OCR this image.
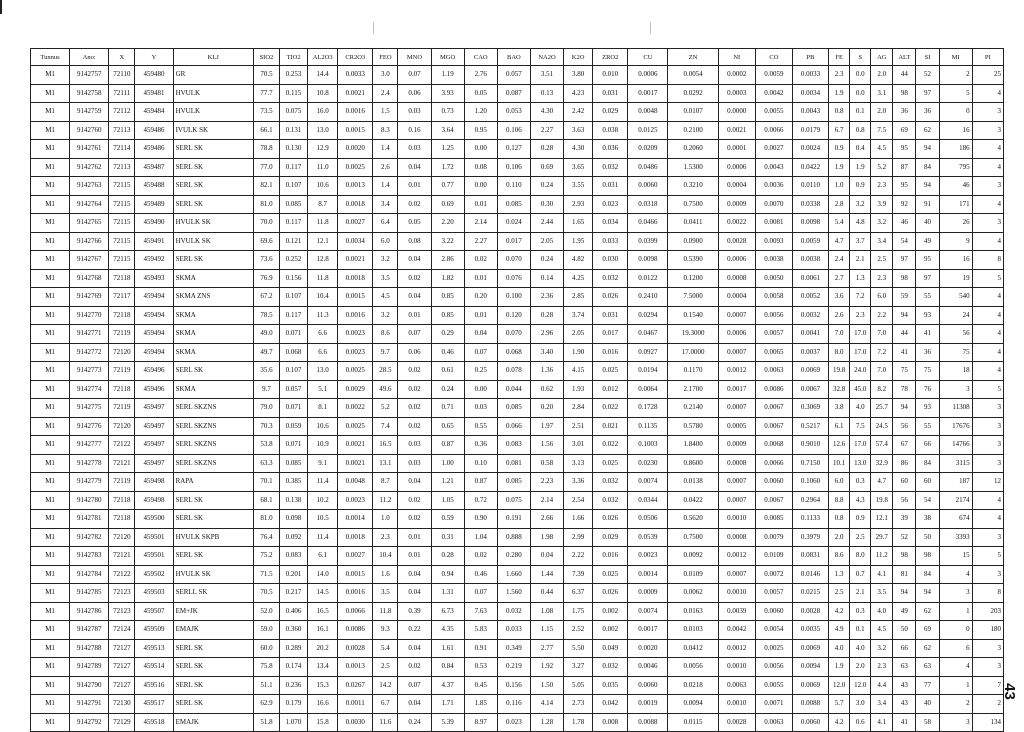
Tunnus	Ano:	X	Y	KLJ	SIO2	TIO2	AL2O3	CR2O3	FEO	MNO	MGO	CAO	BAO	NA2O	K2O	ZRO2	CU	ZN	NI	CO	PB	FE	S	AG	ALT	SI	MI	PI
M1	9142757	72110	459480	GR	70.5	0.253	14.4	0.0033	3.0	0.07	1.19	2.76	0.057	3.51	3.80	0.010	0.0006	0.0054	0.0002	0.0059	0.0033	2.3	0.0	2.0	44	52	2	25
M1	9142758	72111	459481	HVULK	77.7	0.115	10.8	0.0021	2.4	0.06	3.93	0.05	0.087	0.13	4.23	0.031	0.0017	0.0292	0.0003	0.0042	0.0034	1.9	0.0	3.1	98	97	5	4
M1	9142759	72112	459484	HVULK	73.5	0.075	16.0	0.0016	1.5	0.03	0.73	1.20	0.053	4.30	2.42	0.029	0.0048	0.0107	0.0000	0.0055	0.0043	0.8	0.1	2.0	36	36	0	3
M1	9142760	72113	459486	IVULK SK	66.1	0.131	13.0	0.0015	8.3	0.16	3.64	0.95	0.106	2.27	3.63	0.038	0.0125	0.2100	0.0021	0.0066	0.0179	6.7	0.8	7.5	69	62	16	3
M1	9142761	72114	459486	SERL SK	78.8	0.130	12.9	0.0020	1.4	0.03	1.25	0.00	0.127	0.28	4.30	0.036	0.0209	0.2060	0.0001	0.0027	0.0024	0.9	0.4	4.5	95	94	186	4
M1	9142762	72113	459487	SERL SK	77.0	0.117	11.0	0.0025	2.6	0.04	1.72	0.08	0.106	0.69	3.65	0.032	0.0486	1.5300	0.0006	0.0043	0.0422	1.9	1.9	5.2	87	84	795	4
M1	9142763	72115	459488	SERL SK	82.1	0.107	10.6	0.0013	1.4	0.01	0.77	0.00	0.110	0.24	3.55	0.031	0.0060	0.3210	0.0004	0.0036	0.0110	1.0	0.9	2.3	95	94	46	3
M1	9142764	72115	459489	SERL SK	81.0	0.085	8.7	0.0018	3.4	0.02	0.69	0.01	0.085	0.30	2.93	0.023	0.0318	0.7500	0.0009	0.0070	0.0338	2.8	3.2	3.9	92	91	171	4
M1	9142765	72115	459490	HVULK SK	70.0	0.117	11.8	0.0027	6.4	0.05	2.20	2.14	0.024	2.44	1.65	0.034	0.0466	0.0411	0.0022	0.0081	0.0098	5.4	4.8	3.2	46	40	26	3
M1	9142766	72115	459491	HVULK SK	69.6	0.121	12.1	0.0034	6.0	0.08	3.22	2.27	0.017	2.05	1.95	0.033	0.0399	0.0900	0.0028	0.0093	0.0059	4.7	3.7	3.4	54	49	9	4
M1	9142767	72115	459492	SERL SK	73.6	0.252	12.8	0.0021	3.2	0.04	2.86	0.02	0.070	0.24	4.82	0.030	0.0098	0.5390	0.0006	0.0038	0.0038	2.4	2.1	2.5	97	95	16	8
M1	9142768	72118	459493	SKMA	76.9	0.156	11.8	0.0018	3.5	0.02	1.82	0.01	0.076	0.14	4.25	0.032	0.0122	0.1200	0.0008	0.0050	0.0061	2.7	1.3	2.3	98	97	19	5
M1	9142769	72117	459494	SKMA ZNS	67.2	0.107	10.4	0.0015	4.5	0.04	0.85	0.20	0.100	2.36	2.85	0.026	0.2410	7.5000	0.0004	0.0058	0.0052	3.6	7.2	6.0	59	55	540	4
M1	9142770	72118	459494	SKMA	78.5	0.117	11.3	0.0016	3.2	0.01	0.85	0.01	0.120	0.28	3.74	0.031	0.0294	0.1540	0.0007	0.0056	0.0032	2.6	2.3	2.2	94	93	24	4
M1	9142771	72119	459494	SKMA	49.0	0.071	6.6	0.0023	8.6	0.07	0.29	0.04	0.070	2.96	2.05	0.017	0.0467	19.3000	0.0006	0.0057	0.0041	7.0	17.0	7.0	44	41	56	4
M1	9142772	72120	459494	SKMA	49.7	0.068	6.6	0.0023	9.7	0.06	0.46	0.07	0.068	3.40	1.90	0.016	0.0927	17.0000	0.0007	0.0065	0.0037	8.0	17.0	7.2	41	36	75	4
M1	9142773	72119	459496	SERL SK	35.6	0.107	13.0	0.0025	28.5	0.02	0.61	0.25	0.078	1.36	4.15	0.025	0.0194	0.1170	0.0012	0.0063	0.0069	19.8	24.0	7.0	75	75	18	4
M1	9142774	72118	459496	SKMA	9.7	0.057	5.1	0.0029	49.6	0.02	0.24	0.00	0.044	0.62	1.93	0.012	0.0064	2.1700	0.0017	0.0086	0.0067	32.8	45.0	8.2	78	76	3	5
M1	9142775	72119	459497	SERL SKZNS	79.0	0.071	8.1	0.0022	5.2	0.02	0.71	0.03	0.085	0.20	2.84	0.022	0.1728	0.2140	0.0007	0.0067	0.3069	3.8	4.0	25.7	94	93	11308	3
M1	9142776	72120	459497	SERL SKZNS	70.3	0.059	10.6	0.0025	7.4	0.02	0.65	0.55	0.066	1.97	2.51	0.021	0.1135	0.5780	0.0005	0.0067	0.5217	6.1	7.5	24.5	56	55	17676	3
M1	9142777	72122	459497	SERL SKZNS	53.8	0.071	10.9	0.0021	16.5	0.03	0.87	0.36	0.083	1.56	3.01	0.022	0.1003	1.8400	0.0009	0.0068	0.9010	12.6	17.0	57.4	67	66	14766	3
M1	9142778	72121	459497	SERL SKZNS	63.3	0.085	9.1	0.0021	13.1	0.03	1.00	0.10	0.081	0.58	3.13	0.025	0.0230	0.8600	0.0008	0.0066	0.7150	10.1	13.0	32.9	86	84	3115	3
M1	9142779	72119	459498	RAPA	70.1	0.385	11.4	0.0048	8.7	0.04	1.21	0.87	0.085	2.23	3.36	0.032	0.0074	0.0138	0.0007	0.0060	0.1060	6.0	0.3	4.7	60	60	187	12
M1	9142780	72118	459498	SERL SK	68.1	0.138	10.2	0.0023	11.2	0.02	1.05	0.72	0.075	2.14	2.54	0.032	0.0344	0.0422	0.0007	0.0067	0.2964	8.8	4.3	19.8	56	54	2174	4
M1	9142781	72118	459500	SERL SK	81.0	0.098	10.5	0.0014	1.0	0.02	0.59	0.90	0.191	2.66	1.66	0.026	0.0506	0.5620	0.0010	0.0085	0.1133	0.8	0.9	12.1	39	38	674	4
M1	9142782	72120	459501	HVULK SKPB	76.4	0.092	11.4	0.0018	2.3	0.01	0.31	1.04	0.888	1.98	2.99	0.029	0.0539	0.7500	0.0008	0.0079	0.3979	2.0	2.5	29.7	52	50	3393	3
M1	9142783	72121	459501	SERL SK	75.2	0.083	6.1	0.0027	10.4	0.01	0.28	0.02	0.280	0.04	2.22	0.016	0.0023	0.0092	0.0012	0.0109	0.0831	8.6	8.0	11.2	98	98	15	5
M1	9142784	72122	459502	HVULK SK	71.5	0.201	14.0	0.0015	1.6	0.04	0.94	0.46	1.660	1.44	7.39	0.025	0.0014	0.0109	0.0007	0.0072	0.0146	1.3	0.7	4.1	81	84	4	3
M1	9142785	72123	459503	SERLL SK	70.5	0.217	14.5	0.0016	3.5	0.04	1.31	0.07	1.560	0.44	6.37	0.026	0.0009	0.0062	0.0010	0.0057	0.0215	2.5	2.1	3.5	94	94	3	8
M1	9142786	72123	459507	EM+JK	52.0	0.406	16.5	0.0066	11.8	0.39	6.73	7.63	0.032	1.08	1.75	0.002	0.0074	0.0163	0.0039	0.0060	0.0028	4.2	0.3	4.0	49	62	1	203
M1	9142787	72124	459509	EMAJK	59.0	0.360	16.1	0.0086	9.3	0.22	4.35	5.83	0.033	1.15	2.52	0.002	0.0017	0.0103	0.0042	0.0054	0.0035	4.9	0.1	4.5	50	69	0	180
M1	9142788	72127	459513	SERL SK	60.0	0.289	20.2	0.0028	5.4	0.04	1.61	0.91	0.349	2.77	5.50	0.049	0.0020	0.0412	0.0012	0.0025	0.0069	4.0	4.0	3.2	66	62	6	3
M1	9142789	72127	459514	SERL SK	75.8	0.174	13.4	0.0013	2.5	0.02	0.84	0.53	0.219	1.92	3.27	0.032	0.0046	0.0056	0.0010	0.0056	0.0094	1.9	2.0	2.3	63	63	4	3
M1	9142790	72127	459516	SERL SK	51.1	0.236	15.3	0.0267	14.2	0.07	4.37	0.45	0.156	1.50	5.05	0.035	0.0060	0.0218	0.0063	0.0055	0.0069	12.0	12.0	4.4	43	77	1	7
M1	9142791	72130	459517	SERL SK	62.9	0.179	16.6	0.0011	6.7	0.04	1.71	1.85	0.116	4.14	2.73	0.042	0.0019	0.0094	0.0010	0.0071	0.0088	5.7	3.0	3.4	43	40	2	2
M1	9142792	72129	459518	EMAJK	51.8	1.070	15.8	0.0030	11.6	0.24	5.39	8.97	0.023	1.28	1.78	0.008	0.0088	0.0115	0.0028	0.0063	0.0060	4.2	0.6	4.1	41	58	3	134
43
